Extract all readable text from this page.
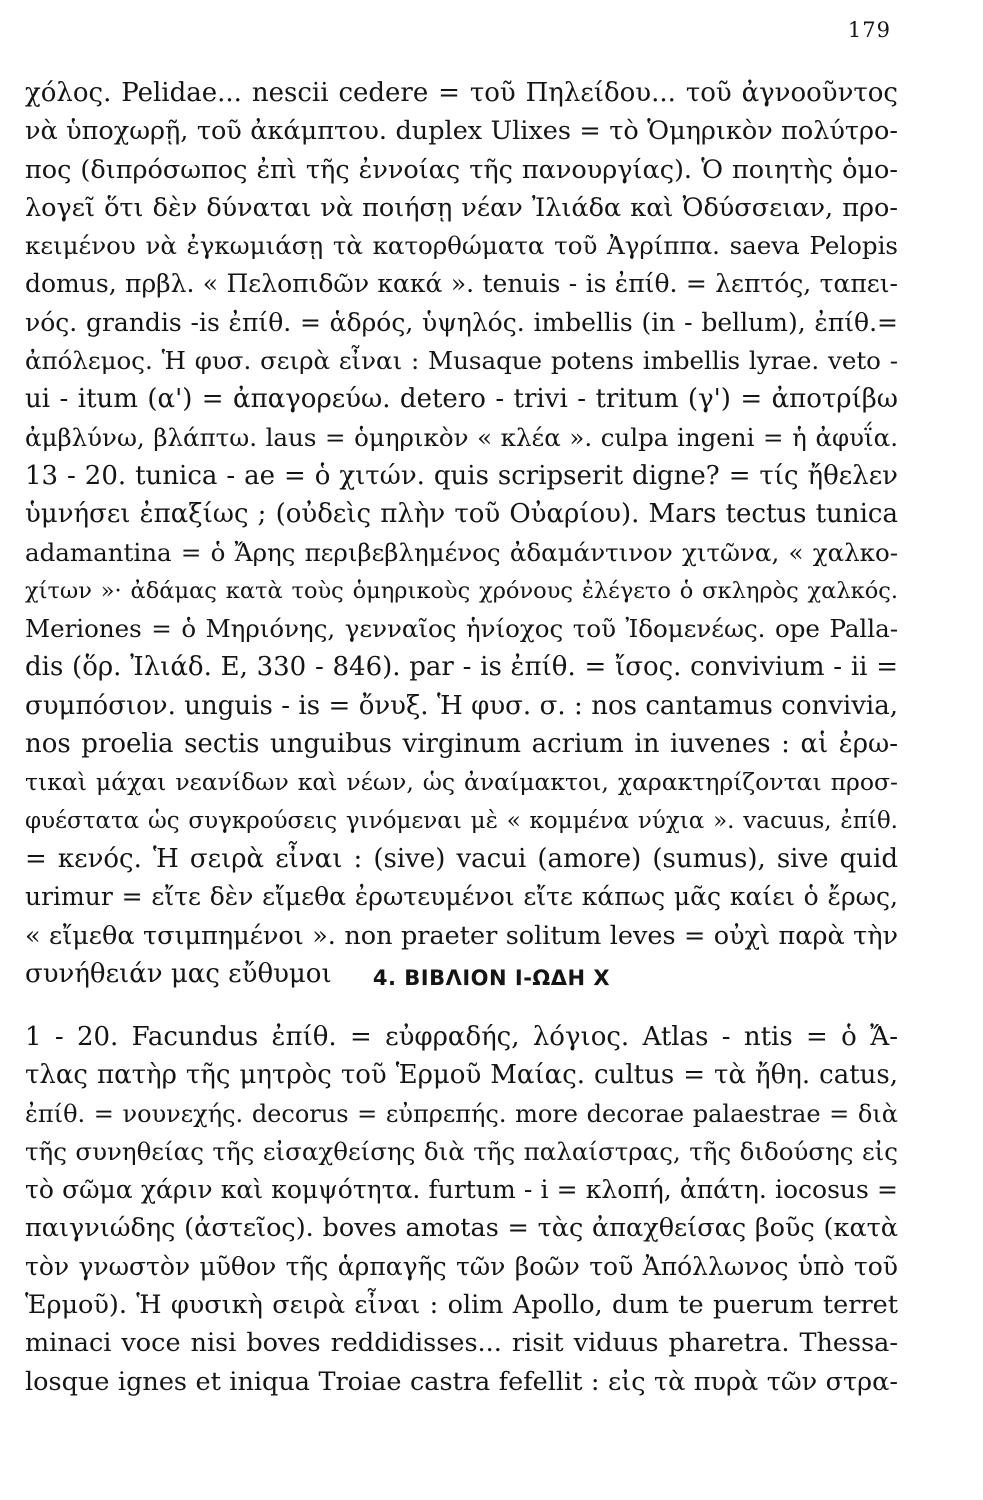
179
χόλος. Pelidae... nescii cedere = τοῦ Πηλείδου... τοῦ ἀγνοοῦντος
νὰ ὑποχωρῇ, τοῦ ἀκάμπτου. duplex Ulixes = τὸ Ὁμηρικὸν πολύτρο-
πος (διπρόσωπος ἐπὶ τῆς ἐννοίας τῆς πανουργίας). Ὁ ποιητὴς ὁμο-
λογεῖ ὅτι δὲν δύναται νὰ ποιήσῃ νέαν Ἰλιάδα καὶ Ὀδύσσειαν, προ-
κειμένου νὰ ἐγκωμιάσῃ τὰ κατορθώματα τοῦ Ἀγρίππα. saeva Pelopis
domus, πρβλ. « Πελοπιδῶν κακά ». tenuis - is ἐπίθ. = λεπτός, ταπει-
νός. grandis -is ἐπίθ. = ἁδρός, ὑψηλός. imbellis (in - bellum), ἐπίθ.=
ἀπόλεμος. Ἡ φυσ. σειρὰ εἶναι : Musaque potens imbellis lyrae. veto -
ui - itum (α') = ἀπαγορεύω. detero - trivi - tritum (γ') = ἀποτρίβω
ἀμβλύνω, βλάπτω. laus = ὁμηρικὸν « κλέα ». culpa ingeni = ἡ ἀφυΐα.
13 - 20. tunica - ae = ὁ χιτών. quis scripserit digne? = τίς ἤθελεν
ὑμνήσει ἐπαξίως ; (οὐδεὶς πλὴν τοῦ Οὐαρίου). Mars tectus tunica
adamantina = ὁ Ἄρης περιβεβλημένος ἀδαμάντινον χιτῶνα, « χαλκο-
χίτων »· ἀδάμας κατὰ τοὺς ὁμηρικοὺς χρόνους ἐλέγετο ὁ σκληρὸς χαλκός.
Meriones = ὁ Μηριόνης, γενναῖος ἡνίοχος τοῦ Ἰδομενέως. ope Palla-
dis (ὅρ. Ἰλιάδ. Ε, 330 - 846). par - is ἐπίθ. = ἴσος. convivium - ii =
συμπόσιον. unguis - is = ὄνυξ. Ἡ φυσ. σ. : nos cantamus convivia,
nos proelia sectis unguibus virginum acrium in iuvenes : αἱ ἐρω-
τικαὶ μάχαι νεανίδων καὶ νέων, ὡς ἀναίμακτοι, χαρακτηρίζονται προσ-
φυέστατα ὡς συγκρούσεις γινόμεναι μὲ « κομμένα νύχια ». vacuus, ἐπίθ.
= κενός. Ἡ σειρὰ εἶναι : (sive) vacui (amore) (sumus), sive quid
urimur = εἴτε δὲν εἴμεθα ἐρωτευμένοι εἴτε κάπως μᾶς καίει ὁ ἔρως,
« εἴμεθα τσιμπημένοι ». non praeter solitum leves = οὐχὶ παρὰ τὴν
συνήθειάν μας εὔθυμοι	4. ΒΙΒΛΙΟΝ Ι-ΩΔΗ Χ
1 - 20. Facundus ἐπίθ. = εὐφραδής, λόγιος. Atlas - ntis = ὁ Ἄ-
τλας πατὴρ τῆς μητρὸς τοῦ Ἑρμοῦ Μαίας. cultus = τὰ ἤθη. catus,
ἐπίθ. = νουνεχής. decorus = εὐπρεπής. more decorae palaestrae = διὰ
τῆς συνηθείας τῆς εἰσαχθείσης διὰ τῆς παλαίστρας, τῆς διδούσης εἰς
τὸ σῶμα χάριν καὶ κομψότητα. furtum - i = κλοπή, ἀπάτη. iocosus =
παιγνιώδης (ἀστεῖος). boves amotas = τὰς ἀπαχθείσας βοῦς (κατὰ
τὸν γνωστὸν μῦθον τῆς ἁρπαγῆς τῶν βοῶν τοῦ Ἀπόλλωνος ὑπὸ τοῦ
Ἑρμοῦ). Ἡ φυσικὴ σειρὰ εἶναι : olim Apollo, dum te puerum terret
minaci voce nisi boves reddidisses... risit viduus pharetra. Thessa-
losque ignes et iniqua Troiae castra fefellit : εἰς τὰ πυρὰ τῶν στρα-
